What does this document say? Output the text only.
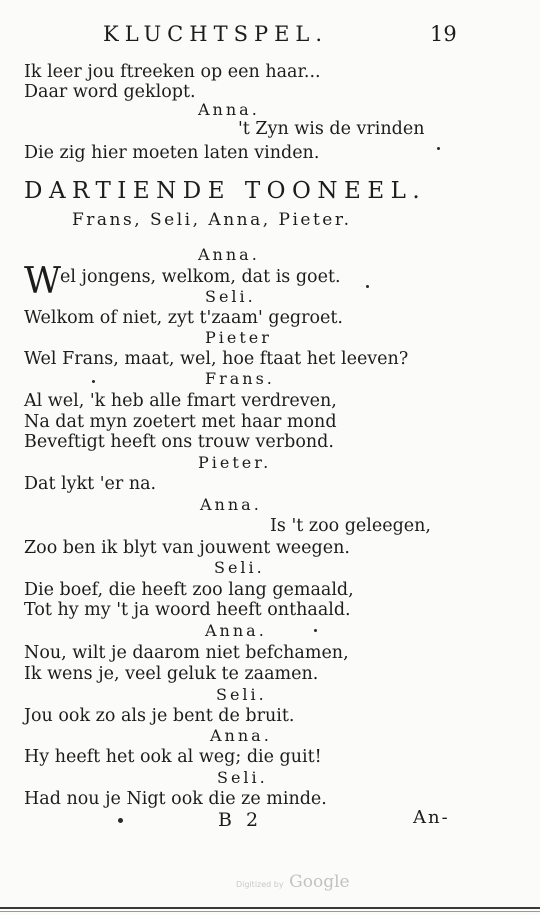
KLUCHTSPEL.	19
Ik leer jou ftreeken op een haar...
Daar word geklopt.
Anna.
't Zyn wis de vrinden
Die zig hier moeten laten vinden.
DARTIENDE TOONEEL.
Frans, Seli, Anna, Pieter.
Anna.
W
el jongens, welkom, dat is goet.
Seli.
Welkom of niet, zyt t'zaam' gegroet.
Pieter
Wel Frans, maat, wel, hoe ftaat het leeven?
Frans.
Al wel, 'k heb alle fmart verdreven,
Na dat myn zoetert met haar mond
Beveftigt heeft ons trouw verbond.
Pieter.
Dat lykt 'er na.
Anna.
Is 't zoo geleegen,
Zoo ben ik blyt van jouwent weegen.
Seli.
Die boef, die heeft zoo lang gemaald,
Tot hy my 't ja woord heeft onthaald.
Anna.
Nou, wilt je daarom niet befchamen,
Ik wens je, veel geluk te zaamen.
Seli.
Jou ook zo als je bent de bruit.
Anna.
Hy heeft het ook al weg; die guit!
Seli.
Had nou je Nigt ook die ze minde.
B 2	An-
Digitized by Google
